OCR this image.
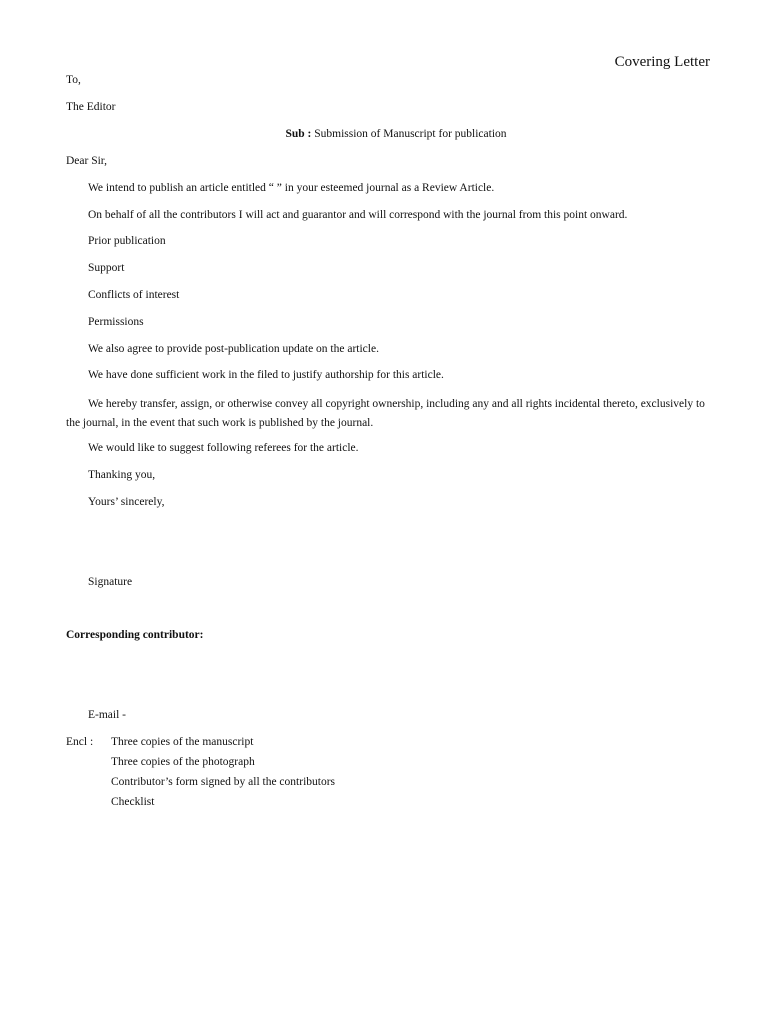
Covering Letter
To,
The Editor
Sub : Submission of Manuscript for publication
Dear Sir,
We intend to publish an article entitled “ ” in your esteemed journal as a Review Article.
On behalf of all the contributors I will act and guarantor and will correspond with the journal from this point onward.
Prior publication
Support
Conflicts of interest
Permissions
We also agree to provide post-publication update on the article.
We have done sufficient work in the filed to justify authorship for this article.
We hereby transfer, assign, or otherwise convey all copyright ownership, including any and all rights incidental thereto, exclusively to the journal, in the event that such work is published by the journal.
We would like to suggest following referees for the article.
Thanking you,
Yours’ sincerely,
Signature
Corresponding contributor:
E-mail -
Encl : Three copies of the manuscript
Three copies of the photograph
Contributor’s form signed by all the contributors
Checklist
